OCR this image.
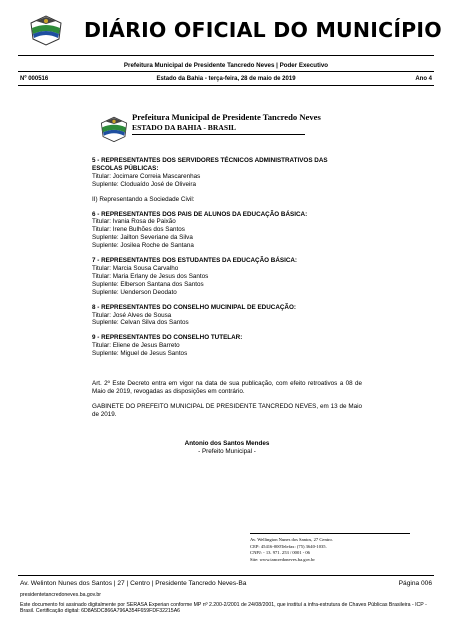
DIÁRIO OFICIAL DO MUNICÍPIO
Prefeitura Municipal de Presidente Tancredo Neves | Poder Executivo
Nº 000516	Estado da Bahia - terça-feira, 28 de maio de 2019	Ano 4
Prefeitura Municipal de Presidente Tancredo Neves
ESTADO DA BAHIA - BRASIL
5 - REPRESENTANTES DOS SERVIDORES TÉCNICOS ADMINISTRATIVOS DAS
ESCOLAS PÚBLICAS:
Titular: Jocimare Correia Mascarenhas
Suplente: Cloduaído José de Oliveira
II) Representando a Sociedade Civil:
6 - REPRESENTANTES DOS PAIS DE ALUNOS DA EDUCAÇÃO BÁSICA:
Titular: Ivania Rosa de Paixão
Titular: Irene Bulhões dos Santos
Suplente: Jailton Severiane da Silva
Suplente: Josilea Roche de Santana
7 - REPRESENTANTES DOS ESTUDANTES DA EDUCAÇÃO BÁSICA:
Titular: Marcia Sousa Carvalho
Titular: Maria Erlany de Jesus dos Santos
Suplente: Elberson Santana dos Santos
Suplente: Uenderson Deodato
8 - REPRESENTANTES DO CONSELHO MUCINIPAL DE EDUCAÇÃO:
Titular: José Alves de Sousa
Suplente: Celvan Silva dos Santos
9 - REPRESENTANTES DO CONSELHO TUTELAR:
Titular: Eliene de Jesus Barreto
Suplente: Miguel de Jesus Santos
Art. 2º Este Decreto entra em vigor na data de sua publicação, com efeito retroativos a 08 de Maio de 2019, revogadas as disposições em contrário.
GABINETE DO PREFEITO MUNICIPAL DE PRESIDENTE TANCREDO NEVES, em 13 de Maio de 2019.
Antonio dos Santos Mendes
- Prefeito Municipal -
Av. Wellington Nunes dos Santos, 27 Centro.
CEP: 45416-000Telefax: (75) 3640-1035.
CNPJ: - 13. 971. 253 / 0001 - 06
Site: www.tancredoneves.ba.gov.br
Av. Welinton Nunes dos Santos | 27 | Centro | Presidente Tancredo Neves-Ba	Página 006
presidentetancredoneves.ba.gov.br
Este documento foi assinado digitalmente por SERASA Experian conforme MP nº 2.200-2/2001 de 24/08/2001, que instituí a infra-estrutura de Chaves Públicas Brasileira - ICP - Brasil. Certificação digital: 6D8A5DC866A796A354F659FDF32215A6
